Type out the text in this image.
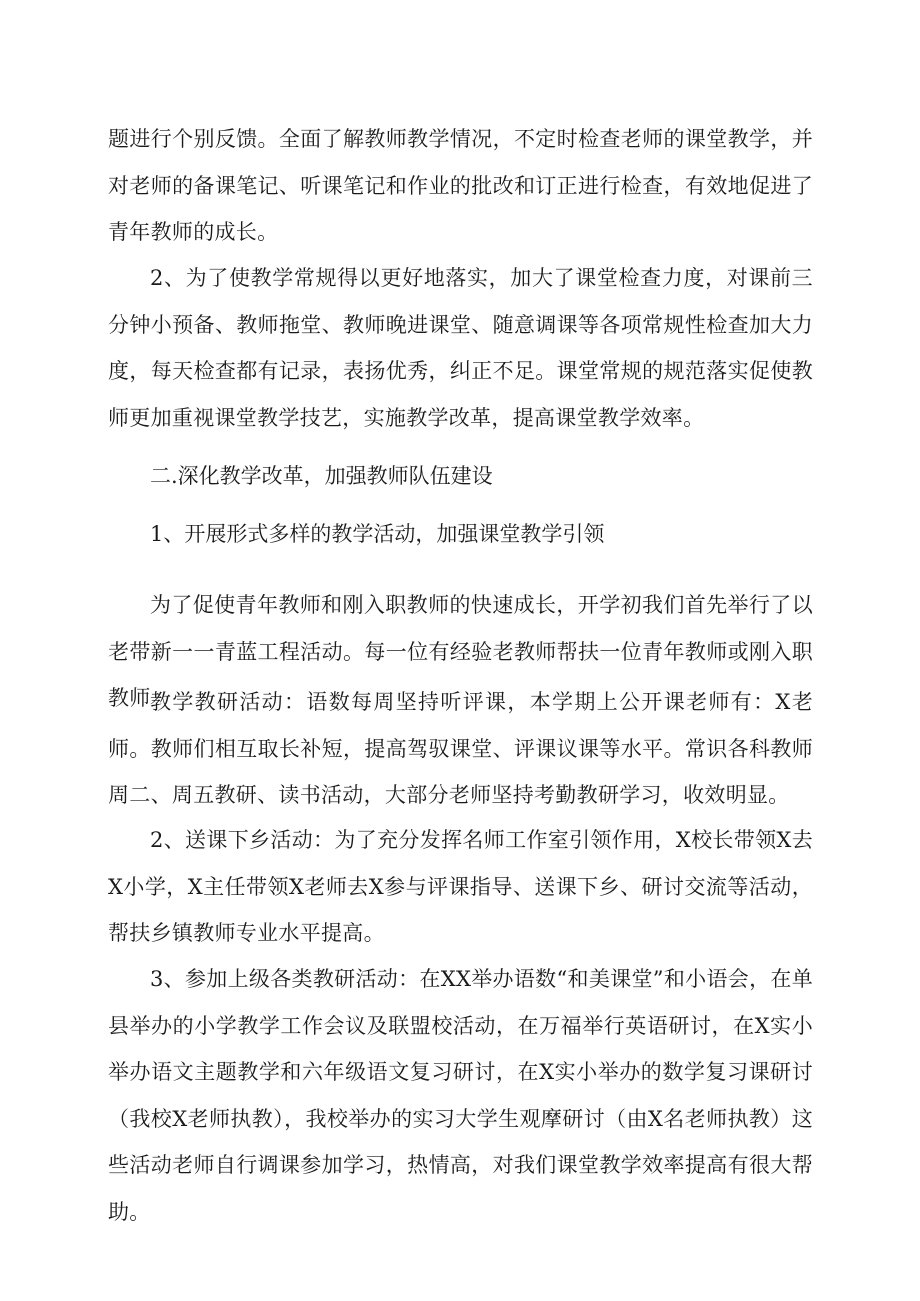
题进行个别反馈。全面了解教师教学情况，不定时检查老师的课堂教学，并对老师的备课笔记、听课笔记和作业的批改和订正进行检查，有效地促进了青年教师的成长。

2、为了使教学常规得以更好地落实，加大了课堂检查力度，对课前三分钟小预备、教师拖堂、教师晚进课堂、随意调课等各项常规性检查加大力度，每天检查都有记录，表扬优秀，纠正不足。课堂常规的规范落实促使教师更加重视课堂教学技艺，实施教学改革，提高课堂教学效率。

二.深化教学改革，加强教师队伍建设

1、开展形式多样的教学活动，加强课堂教学引领

为了促使青年教师和刚入职教师的快速成长，开学初我们首先举行了以老带新一一青蓝工程活动。每一位有经验老教师帮扶一位青年教师或刚入职教师 教学教研活动：语数每周坚持听评课，本学期上公开课老师有：X老师。教师们相互取长补短，提高驾驭课堂、评课议课等水平。常识各科教师周二、周五教研、读书活动，大部分老师坚持考勤教研学习，收效明显。

2、送课下乡活动：为了充分发挥名师工作室引领作用，X校长带领X去X小学，X主任带领X老师去X参与评课指导、送课下乡、研讨交流等活动，帮扶乡镇教师专业水平提高。

3、参加上级各类教研活动：在XX举办语数“和美课堂”和小语会，在单县举办的小学教学工作会议及联盟校活动，在万福举行英语研讨，在X实小举办语文主题教学和六年级语文复习研讨，在X实小举办的数学复习课研讨（我校X老师执教），我校举办的实习大学生观摩研讨（由X名老师执教）这些活动老师自行调课参加学习，热情高，对我们课堂教学效率提高有很大帮助。
